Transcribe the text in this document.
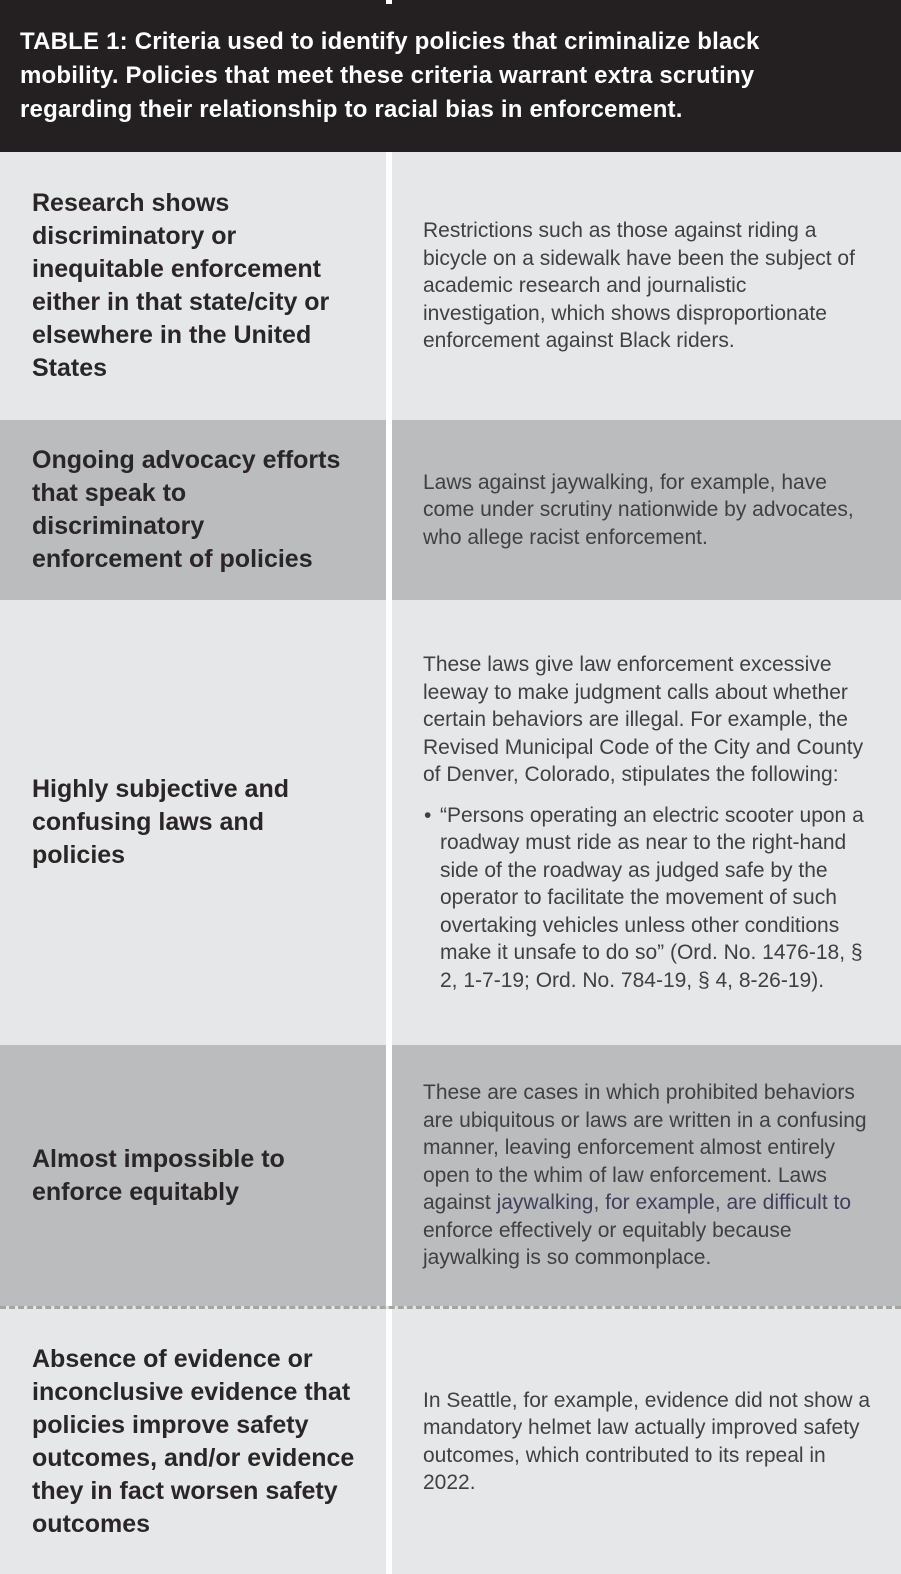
TABLE 1: Criteria used to identify policies that criminalize black mobility. Policies that meet these criteria warrant extra scrutiny regarding their relationship to racial bias in enforcement.

Research shows discriminatory or inequitable enforcement either in that state/city or elsewhere in the United States

Restrictions such as those against riding a bicycle on a sidewalk have been the subject of academic research and journalistic investigation, which shows disproportionate enforcement against Black riders.

Ongoing advocacy efforts that speak to discriminatory enforcement of policies

Laws against jaywalking, for example, have come under scrutiny nationwide by advocates, who allege racist enforcement.

Highly subjective and confusing laws and policies

These laws give law enforcement excessive leeway to make judgment calls about whether certain behaviors are illegal. For example, the Revised Municipal Code of the City and County of Denver, Colorado, stipulates the following:

• “Persons operating an electric scooter upon a roadway must ride as near to the right-hand side of the roadway as judged safe by the operator to facilitate the movement of such overtaking vehicles unless other conditions make it unsafe to do so” (Ord. No. 1476-18, § 2, 1-7-19; Ord. No. 784-19, § 4, 8-26-19).

Almost impossible to enforce equitably

These are cases in which prohibited behaviors are ubiquitous or laws are written in a confusing manner, leaving enforcement almost entirely open to the whim of law enforcement. Laws against jaywalking, for example, are difficult to enforce effectively or equitably because jaywalking is so commonplace.

Absence of evidence or inconclusive evidence that policies improve safety outcomes, and/or evidence they in fact worsen safety outcomes

In Seattle, for example, evidence did not show a mandatory helmet law actually improved safety outcomes, which contributed to its repeal in 2022.
